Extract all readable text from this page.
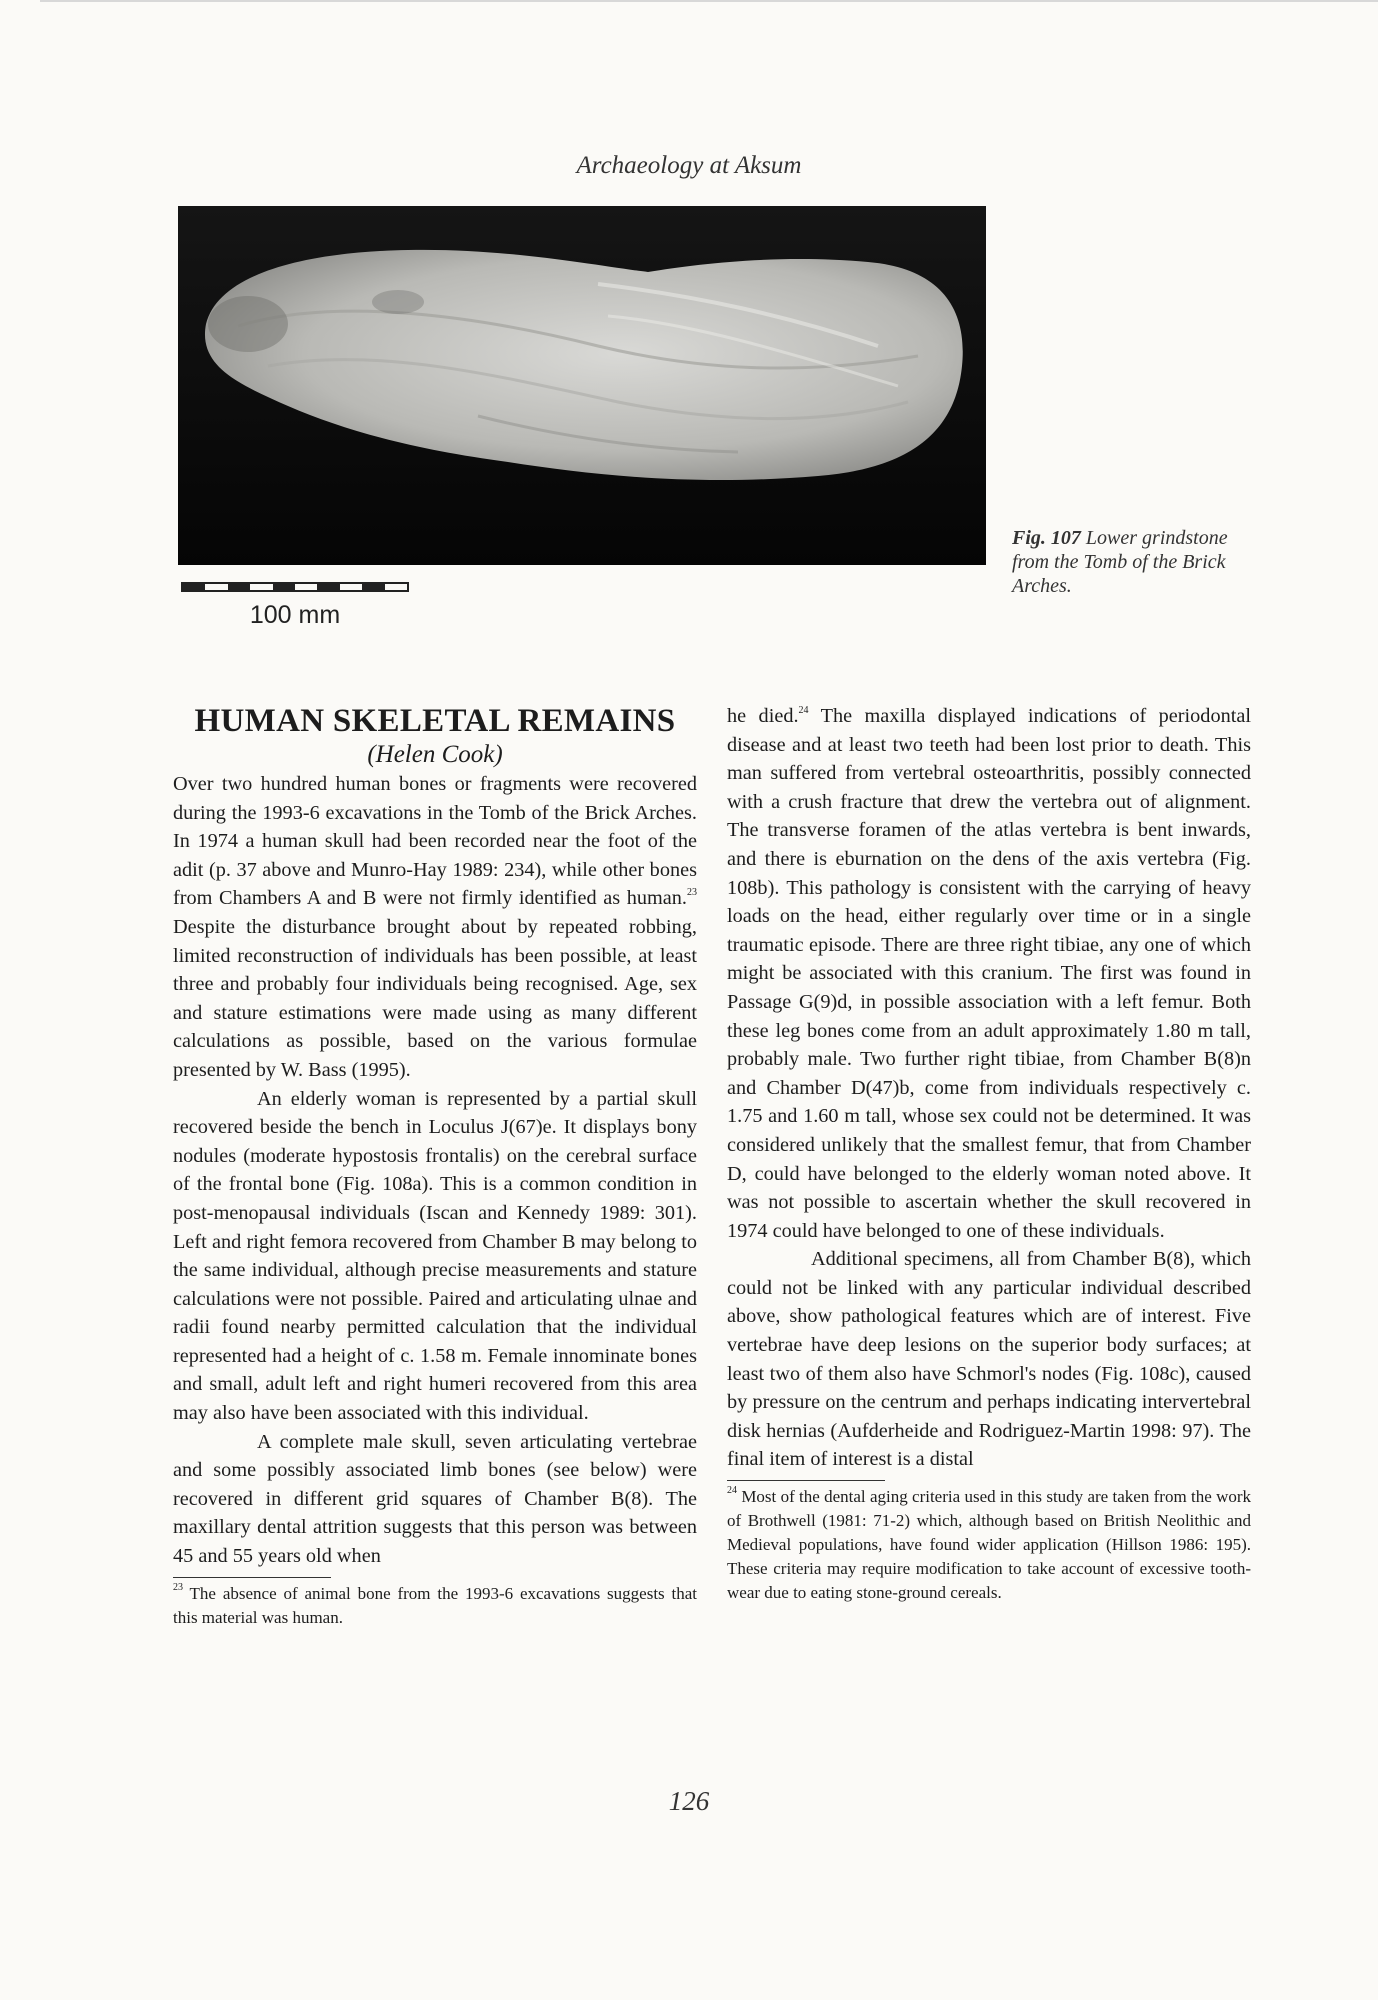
Archaeology at Aksum
100 mm
Fig. 107 Lower grindstone from the Tomb of the Brick Arches.
HUMAN SKELETAL REMAINS

(Helen Cook)

Over two hundred human bones or fragments were recovered during the 1993-6 excavations in the Tomb of the Brick Arches. In 1974 a human skull had been recorded near the foot of the adit (p. 37 above and Munro-Hay 1989: 234), while other bones from Chambers A and B were not firmly identified as human.$^{23}$ Despite the disturbance brought about by repeated robbing, limited reconstruction of individuals has been possible, at least three and probably four individuals being recognised. Age, sex and stature estimations were made using as many different calculations as possible, based on the various formulae presented by W. Bass (1995).

An elderly woman is represented by a partial skull recovered beside the bench in Loculus J(67)e. It displays bony nodules (moderate hypostosis frontalis) on the cerebral surface of the frontal bone (Fig. 108a). This is a common condition in post-menopausal individuals (Iscan and Kennedy 1989: 301). Left and right femora recovered from Chamber B may belong to the same individual, although precise measurements and stature calculations were not possible. Paired and articulating ulnae and radii found nearby permitted calculation that the individual represented had a height of c. 1.58 m. Female innominate bones and small, adult left and right humeri recovered from this area may also have been associated with this individual.

A complete male skull, seven articulating vertebrae and some possibly associated limb bones (see below) were recovered in different grid squares of Chamber B(8). The maxillary dental attrition suggests that this person was between 45 and 55 years old when

$^{23}$ The absence of animal bone from the 1993-6 excavations suggests that this material was human.

he died.$^{24}$ The maxilla displayed indications of periodontal disease and at least two teeth had been lost prior to death. This man suffered from vertebral osteoarthritis, possibly connected with a crush fracture that drew the vertebra out of alignment. The transverse foramen of the atlas vertebra is bent inwards, and there is eburnation on the dens of the axis vertebra (Fig. 108b). This pathology is consistent with the carrying of heavy loads on the head, either regularly over time or in a single traumatic episode. There are three right tibiae, any one of which might be associated with this cranium. The first was found in Passage G(9)d, in possible association with a left femur. Both these leg bones come from an adult approximately 1.80 m tall, probably male. Two further right tibiae, from Chamber B(8)n and Chamber D(47)b, come from individuals respectively c. 1.75 and 1.60 m tall, whose sex could not be determined. It was considered unlikely that the smallest femur, that from Chamber D, could have belonged to the elderly woman noted above. It was not possible to ascertain whether the skull recovered in 1974 could have belonged to one of these individuals.

Additional specimens, all from Chamber B(8), which could not be linked with any particular individual described above, show pathological features which are of interest. Five vertebrae have deep lesions on the superior body surfaces; at least two of them also have Schmorl's nodes (Fig. 108c), caused by pressure on the centrum and perhaps indicating intervertebral disk hernias (Aufderheide and Rodriguez-Martin 1998: 97). The final item of interest is a distal

$^{24}$ Most of the dental aging criteria used in this study are taken from the work of Brothwell (1981: 71-2) which, although based on British Neolithic and Medieval populations, have found wider application (Hillson 1986: 195). These criteria may require modification to take account of excessive tooth-wear due to eating stone-ground cereals.

126
